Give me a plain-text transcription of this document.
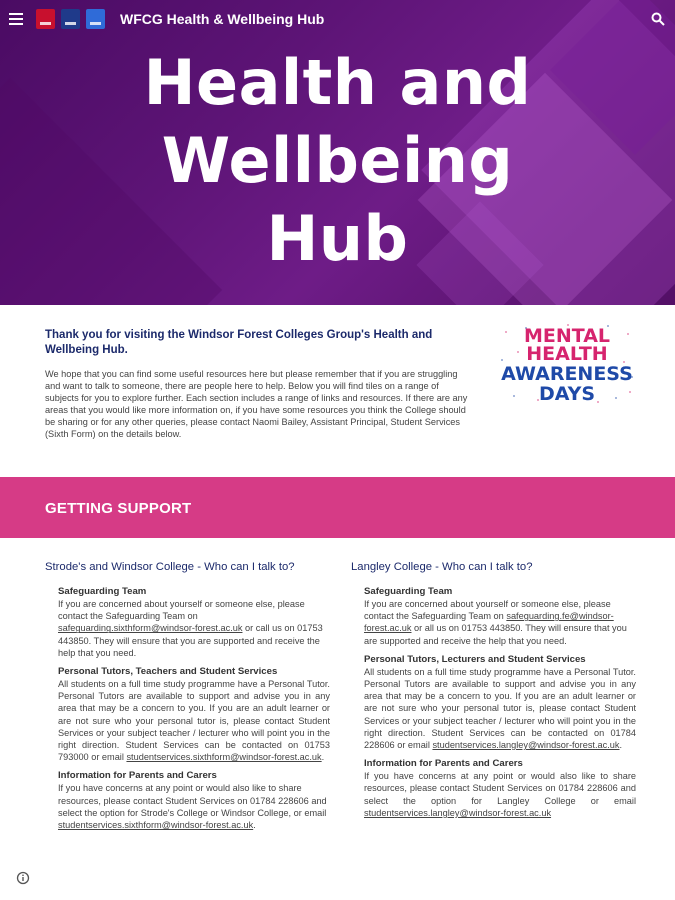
Health and
Wellbeing
Hub
WFCG Health & Wellbeing Hub
Thank you for visiting the Windsor Forest Colleges Group's Health and Wellbeing Hub.

We hope that you can find some useful resources here but please remember that if you are struggling and want to talk to someone, there are people here to help. Below you will find tiles on a range of subjects for you to explore further. Each section includes a range of links and resources. If there are any areas that you would like more information on, if you have some resources you think the College should be sharing or for any other queries, please contact Naomi Bailey, Assistant Principal, Student Services (Sixth Form) on the details below.

MENTAL
HEALTH
AWARENESS
DAYS
GETTING SUPPORT
Strode's and Windsor College - Who can I talk to?
Safeguarding Team

If you are concerned about yourself or someone else, please contact the Safeguarding Team on safeguarding.sixthform@windsor-forest.ac.uk or call us on 01753 443850. They will ensure that you are supported and receive the help that you need.

Personal Tutors, Teachers and Student Services

All students on a full time study programme have a Personal Tutor. Personal Tutors are available to support and advise you in any area that may be a concern to you. If you are an adult learner or are not sure who your personal tutor is, please contact Student Services or your subject teacher / lecturer who will point you in the right direction. Student Services can be contacted on 01753 793000 or email studentservices.sixthform@windsor-forest.ac.uk.

Information for Parents and Carers

If you have concerns at any point or would also like to share resources, please contact Student Services on 01784 228606 and select the option for Strode's College or Windsor College, or email studentservices.sixthform@windsor-forest.ac.uk.

Langley College - Who can I talk to?
Safeguarding Team

If you are concerned about yourself or someone else, please contact the Safeguarding Team on safeguarding.fe@windsor-forest.ac.uk or all us on 01753 443850. They will ensure that you are supported and receive the help that you need.

Personal Tutors, Lecturers and Student Services

All students on a full time study programme have a Personal Tutor. Personal Tutors are available to support and advise you in any area that may be a concern to you. If you are an adult learner or are not sure who your personal tutor is, please contact Student Services or your subject teacher / lecturer who will point you in the right direction. Student Services can be contacted on 01784 228606 or email studentservices.langley@windsor-forest.ac.uk.

Information for Parents and Carers

If you have concerns at any point or would also like to share resources, please contact Student Services on 01784 228606 and select the option for Langley College or email studentservices.langley@windsor-forest.ac.uk
